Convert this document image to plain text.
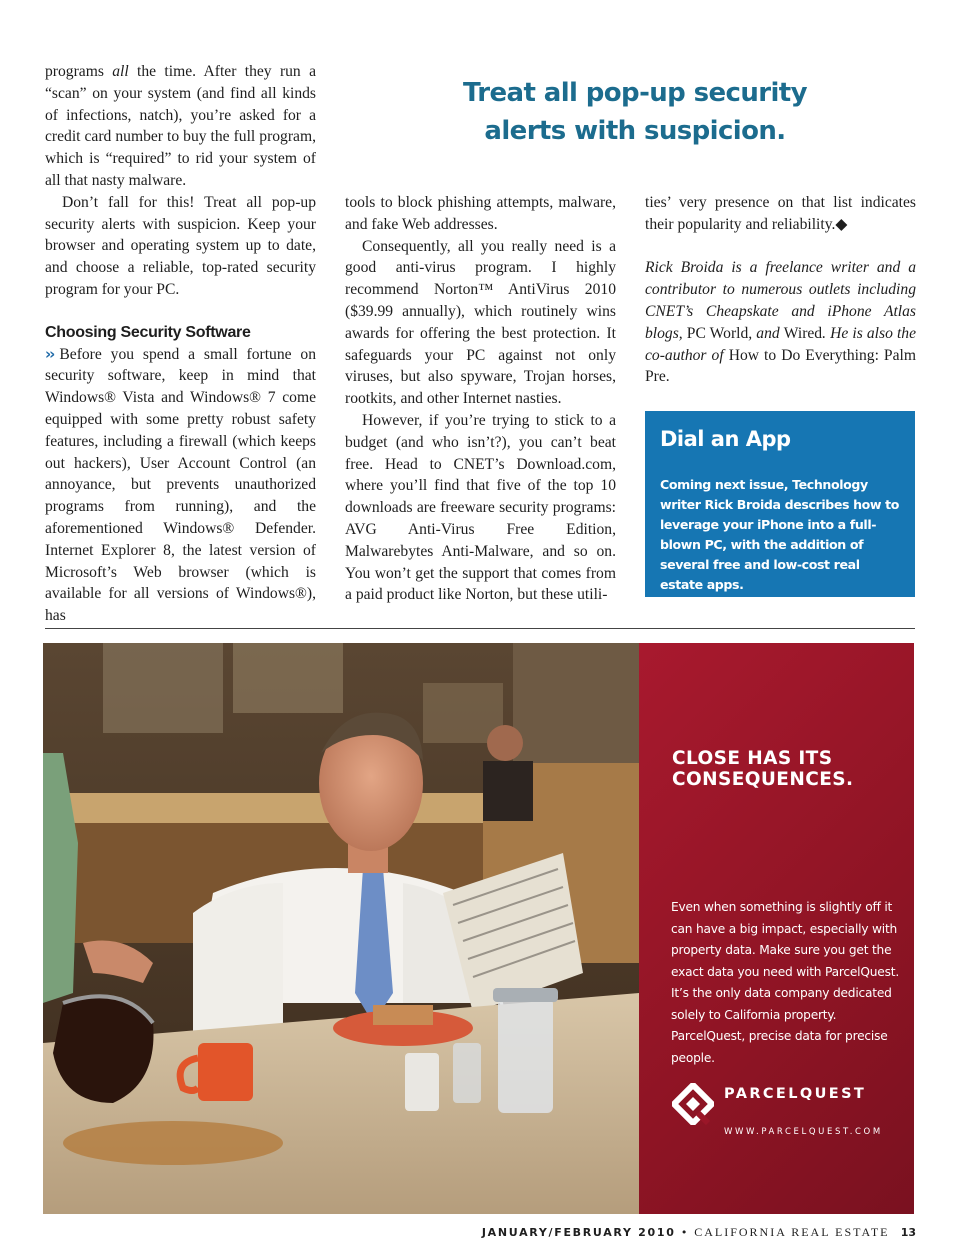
programs all the time. After they run a “scan” on your system (and find all kinds of infections, natch), you’re asked for a credit card number to buy the full program, which is “required” to rid your system of all that nasty malware.

Don’t fall for this! Treat all pop-up security alerts with suspicion. Keep your browser and operating system up to date, and choose a reliable, top-rated security program for your PC.

Choosing Security Software

›› Before you spend a small fortune on security software, keep in mind that Windows® Vista and Windows® 7 come equipped with some pretty robust safety features, including a firewall (which keeps out hackers), User Account Control (an annoyance, but prevents unauthorized programs from running), and the aforementioned Windows® Defender. Internet Explorer 8, the latest version of Microsoft’s Web browser (which is available for all versions of Windows®), has

Treat all pop-up security
alerts with suspicion.

tools to block phishing attempts, malware, and fake Web addresses.

Consequently, all you really need is a good anti-virus program. I highly recommend Norton™ AntiVirus 2010 ($39.99 annually), which routinely wins awards for offering the best protection. It safeguards your PC against not only viruses, but also spyware, Trojan horses, rootkits, and other Internet nasties.

However, if you’re trying to stick to a budget (and who isn’t?), you can’t beat free. Head to CNET’s Download.com, where you’ll find that five of the top 10 downloads are freeware security programs: AVG Anti-Virus Free Edition, Malwarebytes Anti-Malware, and so on. You won’t get the support that comes from a paid product like Norton, but these utili-

ties’ very presence on that list indicates their popularity and reliability.◆

Rick Broida is a freelance writer and a contributor to numerous outlets including CNET’s Cheapskate and iPhone Atlas blogs, PC World, and Wired. He is also the co-author of How to Do Everything: Palm Pre.

Dial an App

Coming next issue, Technology writer Rick Broida describes how to leverage your iPhone into a full-blown PC, with the addition of several free and low-cost real estate apps.

CLOSE HAS ITS
CONSEQUENCES.

Even when something is slightly off it can have a big impact, especially with property data. Make sure you get the exact data you need with ParcelQuest. It’s the only data company dedicated solely to California property. ParcelQuest, precise data for precise people.

PARCELQUEST
WWW.PARCELQUEST.COM
JANUARY/FEBRUARY 2010 • CALIFORNIA REAL ESTATE 13
